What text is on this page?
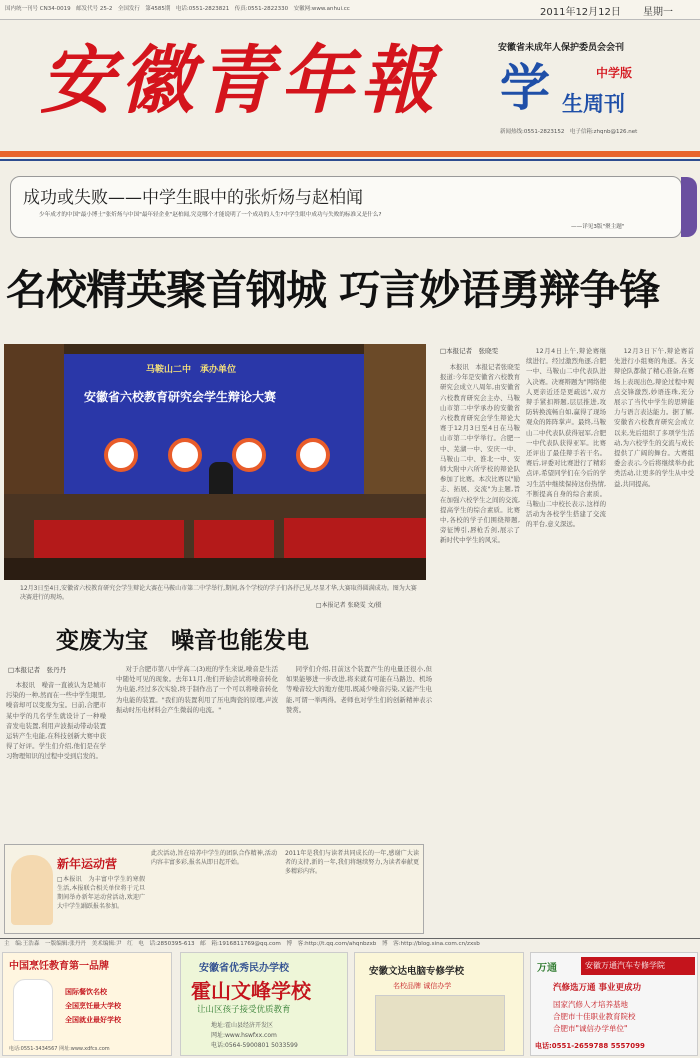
国内统一刊号 CN34-0019　邮发代号 25-2　全国发行　第4585期　电话:0551-2823821　传真:0551-2822330　安徽网:www.anhui.cc	2011年12月12日 星期一
安徽青年報	安徽省未成年人保护委员会会刊
学	中学版
生周刊
新闻热线:0551-2823152　电子信箱:zhqnb@126.net
成功或失败——中学生眼中的张炘炀与赵柏闻
少年成才的中国"最小博士"张炘炀与中国"最年轻企业"赵柏闻,究竟哪个才能说明了一个成功的人生?中学生眼中成功与失败的标准又是什么?
——详见3版"聚主题"
名校精英聚首钢城 巧言妙语勇辩争锋
马鞍山二中　承办单位
安徽省六校教育研究会学生辩论大赛
12月3日至4日,安徽省六校教育研究会学生辩论大赛在马鞍山市第二中学举行,期间,各个学校的学子们各抒己见,尽显才华,大赛取得圆满成功。图为大赛决赛进行的现场。
□本报记者 张晓雯 文/摄
□本报记者　张晓雯

本报讯　本报记者张晓雯报道:今年是安徽省六校教育研究会成立八周年,由安徽省六校教育研究会主办、马鞍山市第二中学承办的安徽省六校教育研究会学生辩论大赛于12月3日至4日在马鞍山市第二中学举行。合肥一中、芜湖一中、安庆一中、马鞍山二中、淮北一中、安师大附中六所学校的辩论队参加了比赛。本次比赛以"励志、拓展、交流"为主题,旨在加强六校学生之间的交流,提高学生的综合素质。比赛中,各校的学子们围绕辩题,旁征博引,唇枪舌剑,展示了新时代中学生的风采。

12月4日上午,辩论赛继续进行。经过激烈角逐,合肥一中、马鞍山二中代表队进入决赛。决赛辩题为"网络使人更亲近还是更疏远",双方辩手紧扣辩题,层层推进,攻防转换流畅自如,赢得了现场观众的阵阵掌声。最终,马鞍山二中代表队获得冠军,合肥一中代表队获得亚军。比赛还评出了最佳辩手若干名。赛后,评委对比赛进行了精彩点评,希望同学们在今后的学习生活中继续保持这份热情,不断提高自身的综合素质。马鞍山二中校长表示,这样的活动为各校学生搭建了交流的平台,意义深远。

12月3日下午,辩论赛首先进行小组赛的角逐。各支辩论队都做了精心准备,在赛场上表现出色,辩论过程中观点交锋激烈,妙语连珠,充分展示了当代中学生的思辨能力与语言表达能力。据了解,安徽省六校教育研究会成立以来,先后组织了多项学生活动,为六校学生的交流与成长提供了广阔的舞台。大赛组委会表示,今后将继续举办此类活动,让更多的学生从中受益,共同提高。

变废为宝　噪音也能发电
□本报记者　张丹丹

本报讯　噪音一直被认为是城市污染的一种,然而在一些中学生眼里,噪音却可以变废为宝。日前,合肥市某中学的几名学生就设计了一种噪音发电装置,利用声波振动带动装置运转产生电能,在科技创新大赛中获得了好评。学生们介绍,他们是在学习物理知识的过程中受到启发的。

对于合肥市第八中学高二(3)班的学生来说,噪音是生活中随处可见的现象。去年11月,他们开始尝试将噪音转化为电能,经过多次实验,终于制作出了一个可以将噪音转化为电能的装置。"我们的装置利用了压电陶瓷的原理,声波振动时压电材料会产生微弱的电流。"

同学们介绍,目前这个装置产生的电量还很小,但如果能够进一步改进,将来就有可能在马路边、机场等噪音较大的地方使用,既减少噪音污染,又能产生电能,可谓一举两得。老师也对学生们的创新精神表示赞赏。

新年运动营
□本报讯　为丰富中学生的寒假生活,本报联合相关单位将于元旦期间举办新年运动营活动,欢迎广大中学生踊跃报名参加。
此次活动,旨在培养中学生的团队合作精神,活动内容丰富多彩,报名从即日起开始。
2011年是我们与读者共同成长的一年,感谢广大读者的支持,新的一年,我们将继续努力,为读者奉献更多精彩内容。
主　编:王浩森　一版编辑:张丹丹　美术编辑:尹　红　电　话:2850395-613　邮　箱:1916811769@qq.com　博　客:http://t.qq.com/ahqnbzxb　博　客:http://blog.sina.com.cn/zxsb
中国烹饪教育第一品牌
国际餐饮名校
全国烹饪最大学校
全国就业最好学校
电话:0551-3434567 网址:www.xdfcs.com
安徽省优秀民办学校
霍山文峰学校
让山区孩子接受优质教育
地址:霍山县经济开发区
网址:www.hswfxx.com
电话:0564-5900801 5033599
安徽文达电脑专修学校
名校品牌 诚信办学
万通	安徽万通汽车专修学院
汽修选万通 事业更成功
国家汽修人才培养基地
合肥市十佳职业教育院校
合肥市"诚信办学单位"
电话:0551-2659788 5557099
